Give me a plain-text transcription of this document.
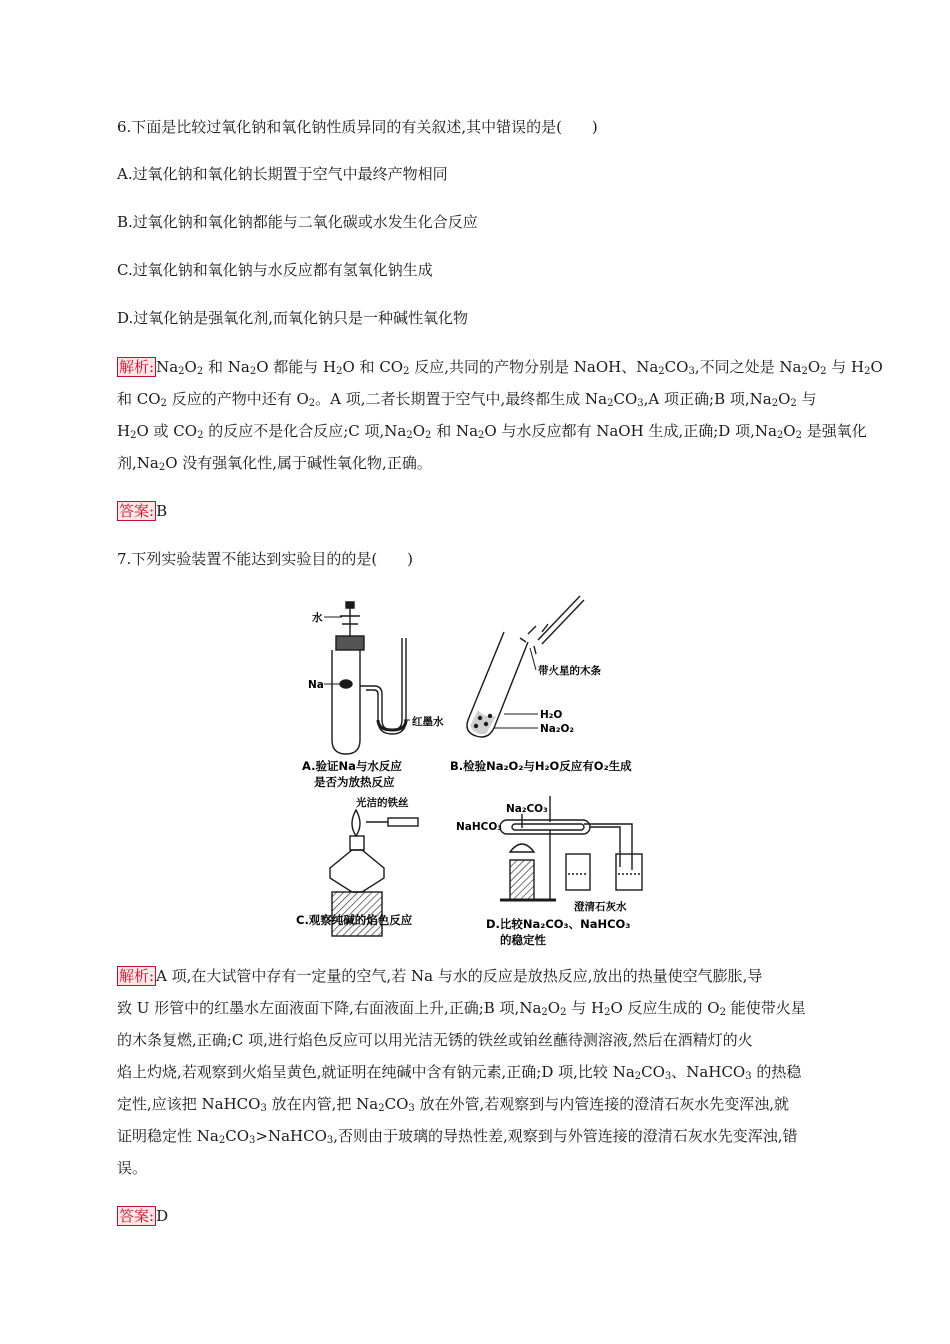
6.下面是比较过氧化钠和氧化钠性质异同的有关叙述,其中错误的是(　　)
A.过氧化钠和氧化钠长期置于空气中最终产物相同
B.过氧化钠和氧化钠都能与二氧化碳或水发生化合反应
C.过氧化钠和氧化钠与水反应都有氢氧化钠生成
D.过氧化钠是强氧化剂,而氧化钠只是一种碱性氧化物
解析: $Na_2O_2$ 和 $Na_2O$ 都能与 $H_2O$ 和 $CO_2$ 反应,共同的产物分别是 NaOH、$Na_2CO_3$,不同之处是 $Na_2O_2$ 与 $H_2O$
和 $CO_2$ 反应的产物中还有 $O_2$。A 项,二者长期置于空气中,最终都生成 $Na_2CO_3,A$ 项正确;B 项$,Na_2O_2$ 与
$H_2O$ 或 $CO_2$ 的反应不是化合反应;C 项$,Na_2O_2$ 和 $Na_2O$ 与水反应都有 NaOH 生成,正确;D 项$,Na_2O_2$ 是强氧化
剂$,Na_2O$ 没有强氧化性,属于碱性氧化物,正确。
答案: B
7.下列实验装置不能达到实验目的的是(　　)
水
Na
红墨水
A.验证Na与水反应
是否为放热反应
带火星的木条
H₂O
Na₂O₂
B.检验Na₂O₂与H₂O反应有O₂生成
光洁的铁丝
C.观察纯碱的焰色反应
Na₂CO₃
NaHCO₃
澄清石灰水
D.比较Na₂CO₃、NaHCO₃
的稳定性
解析: A 项,在大试管中存有一定量的空气,若 Na 与水的反应是放热反应,放出的热量使空气膨胀,导
致 U 形管中的红墨水左面液面下降,右面液面上升,正确;B 项$,Na_2O_2$ 与 $H_2O$ 反应生成的 $O_2$ 能使带火星
的木条复燃,正确;C 项,进行焰色反应可以用光洁无锈的铁丝或铂丝蘸待测溶液,然后在酒精灯的火
焰上灼烧,若观察到火焰呈黄色,就证明在纯碱中含有钠元素,正确;D 项,比较 $Na_2CO_3$、NaHCO$_3$ 的热稳
定性,应该把 NaHCO$_3$ 放在内管,把 $Na_2CO_3$ 放在外管,若观察到与内管连接的澄清石灰水先变浑浊,就
证明稳定性 $Na_2CO_3>NaHCO_3$,否则由于玻璃的导热性差,观察到与外管连接的澄清石灰水先变浑浊,错
误。
答案: D
